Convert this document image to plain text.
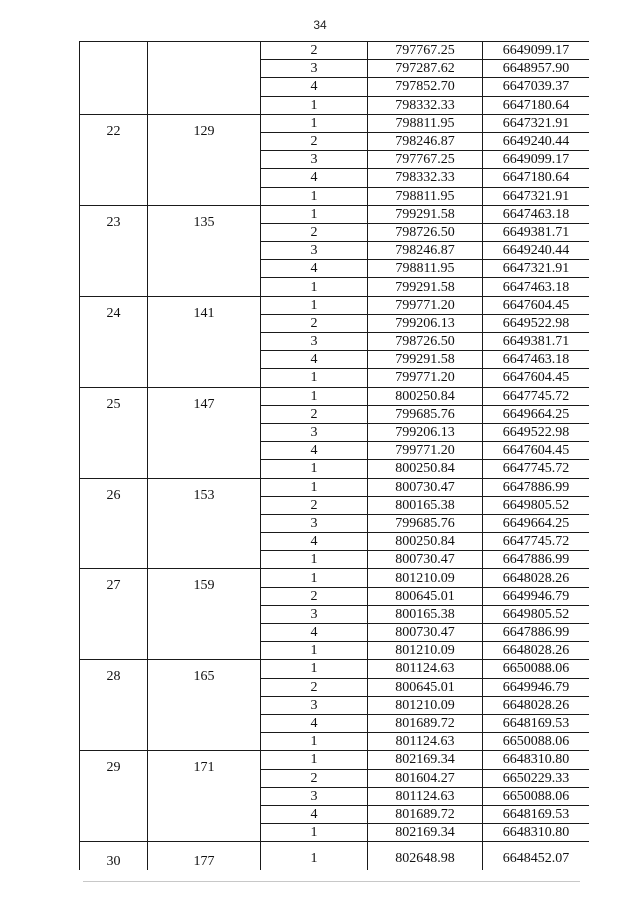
34
		2	797767.25	6649099.17
		3	797287.62	6648957.90
		4	797852.70	6647039.37
		1	798332.33	6647180.64
22	129	1	798811.95	6647321.91
		2	798246.87	6649240.44
		3	797767.25	6649099.17
		4	798332.33	6647180.64
		1	798811.95	6647321.91
23	135	1	799291.58	6647463.18
		2	798726.50	6649381.71
		3	798246.87	6649240.44
		4	798811.95	6647321.91
		1	799291.58	6647463.18
24	141	1	799771.20	6647604.45
		2	799206.13	6649522.98
		3	798726.50	6649381.71
		4	799291.58	6647463.18
		1	799771.20	6647604.45
25	147	1	800250.84	6647745.72
		2	799685.76	6649664.25
		3	799206.13	6649522.98
		4	799771.20	6647604.45
		1	800250.84	6647745.72
26	153	1	800730.47	6647886.99
		2	800165.38	6649805.52
		3	799685.76	6649664.25
		4	800250.84	6647745.72
		1	800730.47	6647886.99
27	159	1	801210.09	6648028.26
		2	800645.01	6649946.79
		3	800165.38	6649805.52
		4	800730.47	6647886.99
		1	801210.09	6648028.26
28	165	1	801124.63	6650088.06
		2	800645.01	6649946.79
		3	801210.09	6648028.26
		4	801689.72	6648169.53
		1	801124.63	6650088.06
29	171	1	802169.34	6648310.80
		2	801604.27	6650229.33
		3	801124.63	6650088.06
		4	801689.72	6648169.53
		1	802169.34	6648310.80
30	177	1	802648.98	6648452.07
